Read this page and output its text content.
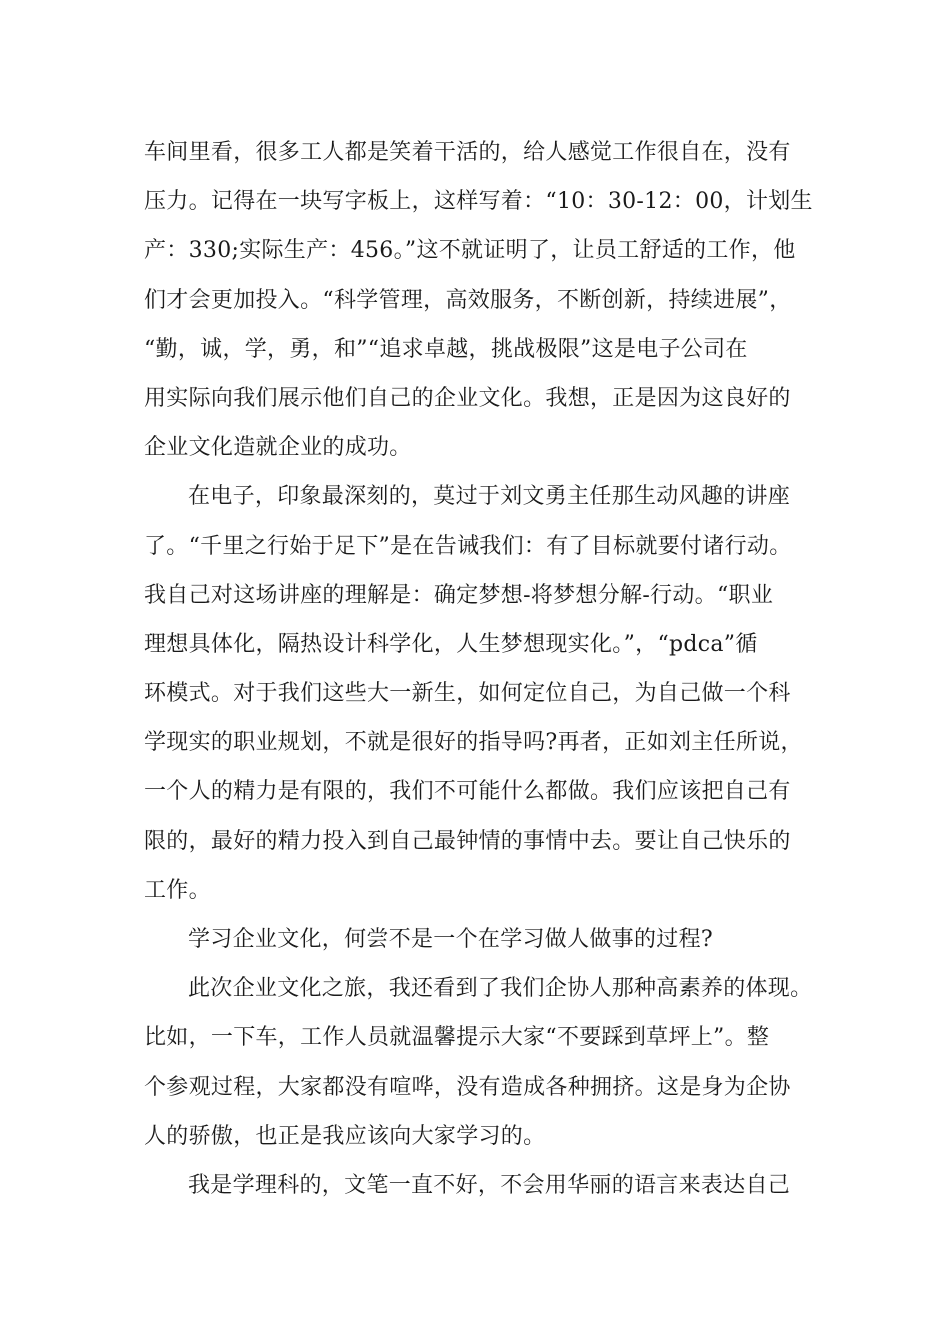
车间里看，很多工人都是笑着干活的，给人感觉工作很自在，没有
压力。记得在一块写字板上，这样写着：“10：30-12：00，计划生
产：330;实际生产：456。”这不就证明了，让员工舒适的工作，他
们才会更加投入。“科学管理，高效服务，不断创新，持续进展”，
“勤，诚，学，勇，和”“追求卓越，挑战极限”这是电子公司在
用实际向我们展示他们自己的企业文化。我想，正是因为这良好的
企业文化造就企业的成功。
在电子，印象最深刻的，莫过于刘文勇主任那生动风趣的讲座
了。“千里之行始于足下”是在告诫我们：有了目标就要付诸行动。
我自己对这场讲座的理解是：确定梦想-将梦想分解-行动。“职业
理想具体化，隔热设计科学化，人生梦想现实化。”，“pdca”循
环模式。对于我们这些大一新生，如何定位自己，为自己做一个科
学现实的职业规划，不就是很好的指导吗?再者，正如刘主任所说，
一个人的精力是有限的，我们不可能什么都做。我们应该把自己有
限的，最好的精力投入到自己最钟情的事情中去。要让自己快乐的
工作。
学习企业文化，何尝不是一个在学习做人做事的过程?
此次企业文化之旅，我还看到了我们企协人那种高素养的体现。
比如，一下车，工作人员就温馨提示大家“不要踩到草坪上”。整
个参观过程，大家都没有喧哗，没有造成各种拥挤。这是身为企协
人的骄傲，也正是我应该向大家学习的。
我是学理科的，文笔一直不好，不会用华丽的语言来表达自己
